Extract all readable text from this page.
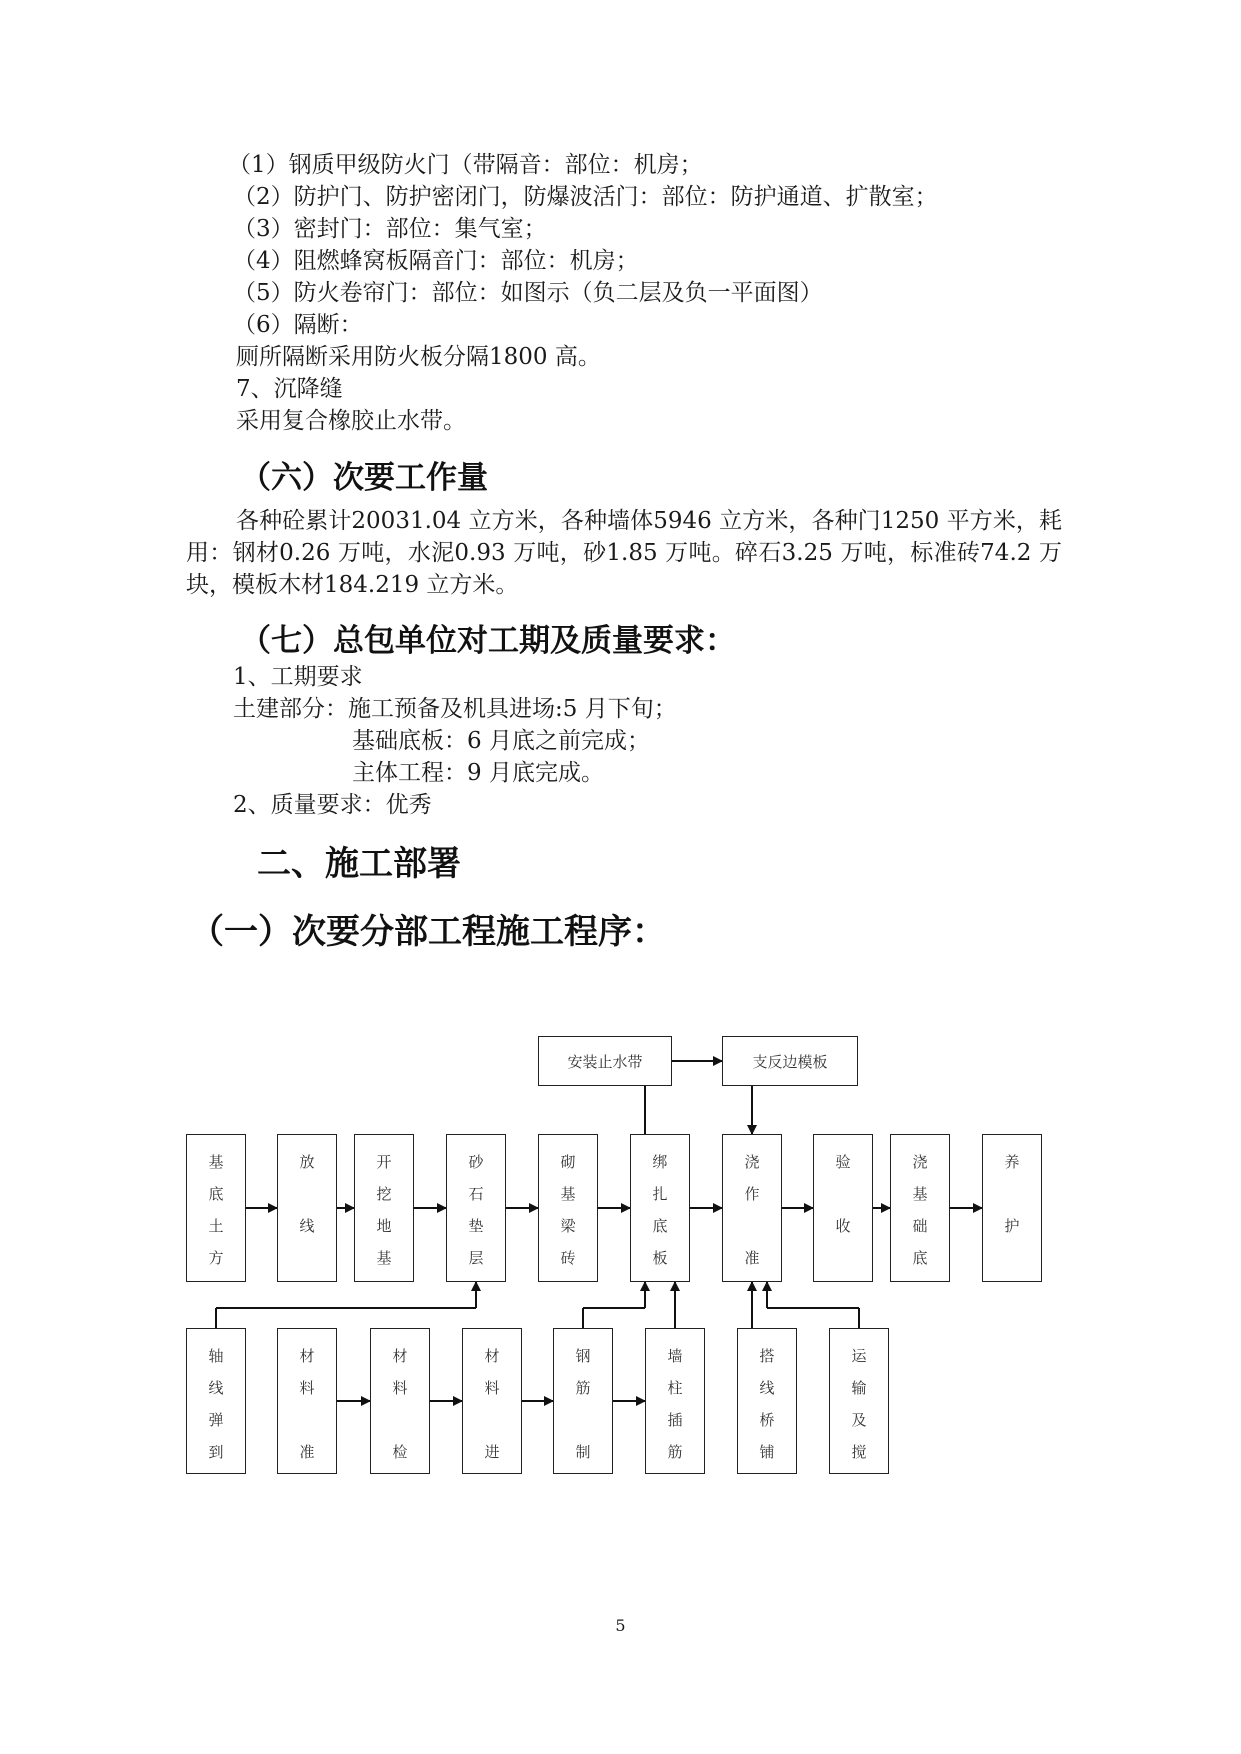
（1）钢质甲级防火门（带隔音：部位：机房；
（2）防护门、防护密闭门，防爆波活门：部位：防护通道、扩散室；
（3）密封门：部位：集气室；
（4）阻燃蜂窝板隔音门：部位：机房；
（5）防火卷帘门：部位：如图示（负二层及负一平面图）
（6）隔断：
厕所隔断采用防火板分隔1800 高。
7、沉降缝
采用复合橡胶止水带。
（六）次要工作量
各种砼累计20031.04 立方米，各种墙体5946 立方米，各种门1250 平方米，耗用：钢材0.26 万吨，水泥0.93 万吨，砂1.85 万吨。碎石3.25 万吨，标准砖74.2 万块，模板木材184.219 立方米。
（七）总包单位对工期及质量要求：
1、工期要求
土建部分：施工预备及机具进场:5 月下旬；
基础底板：6 月底之前完成；
主体工程：9 月底完成。
2、质量要求：优秀
二、施工部署
（一）次要分部工程施工程序：
安装止水带	支反边模板
基
底
土
方
放
线
开
挖
地
基
砂
石
垫
层
砌
基
梁
砖
绑
扎
底
板
浇
作
准
验
收
浇
基
础
底
养
护
轴
线
弹
到
材
料
准
材
料
检
材
料
进
钢
筋
制
墙
柱
插
筋
搭
线
桥
铺
运
输
及
搅
5
